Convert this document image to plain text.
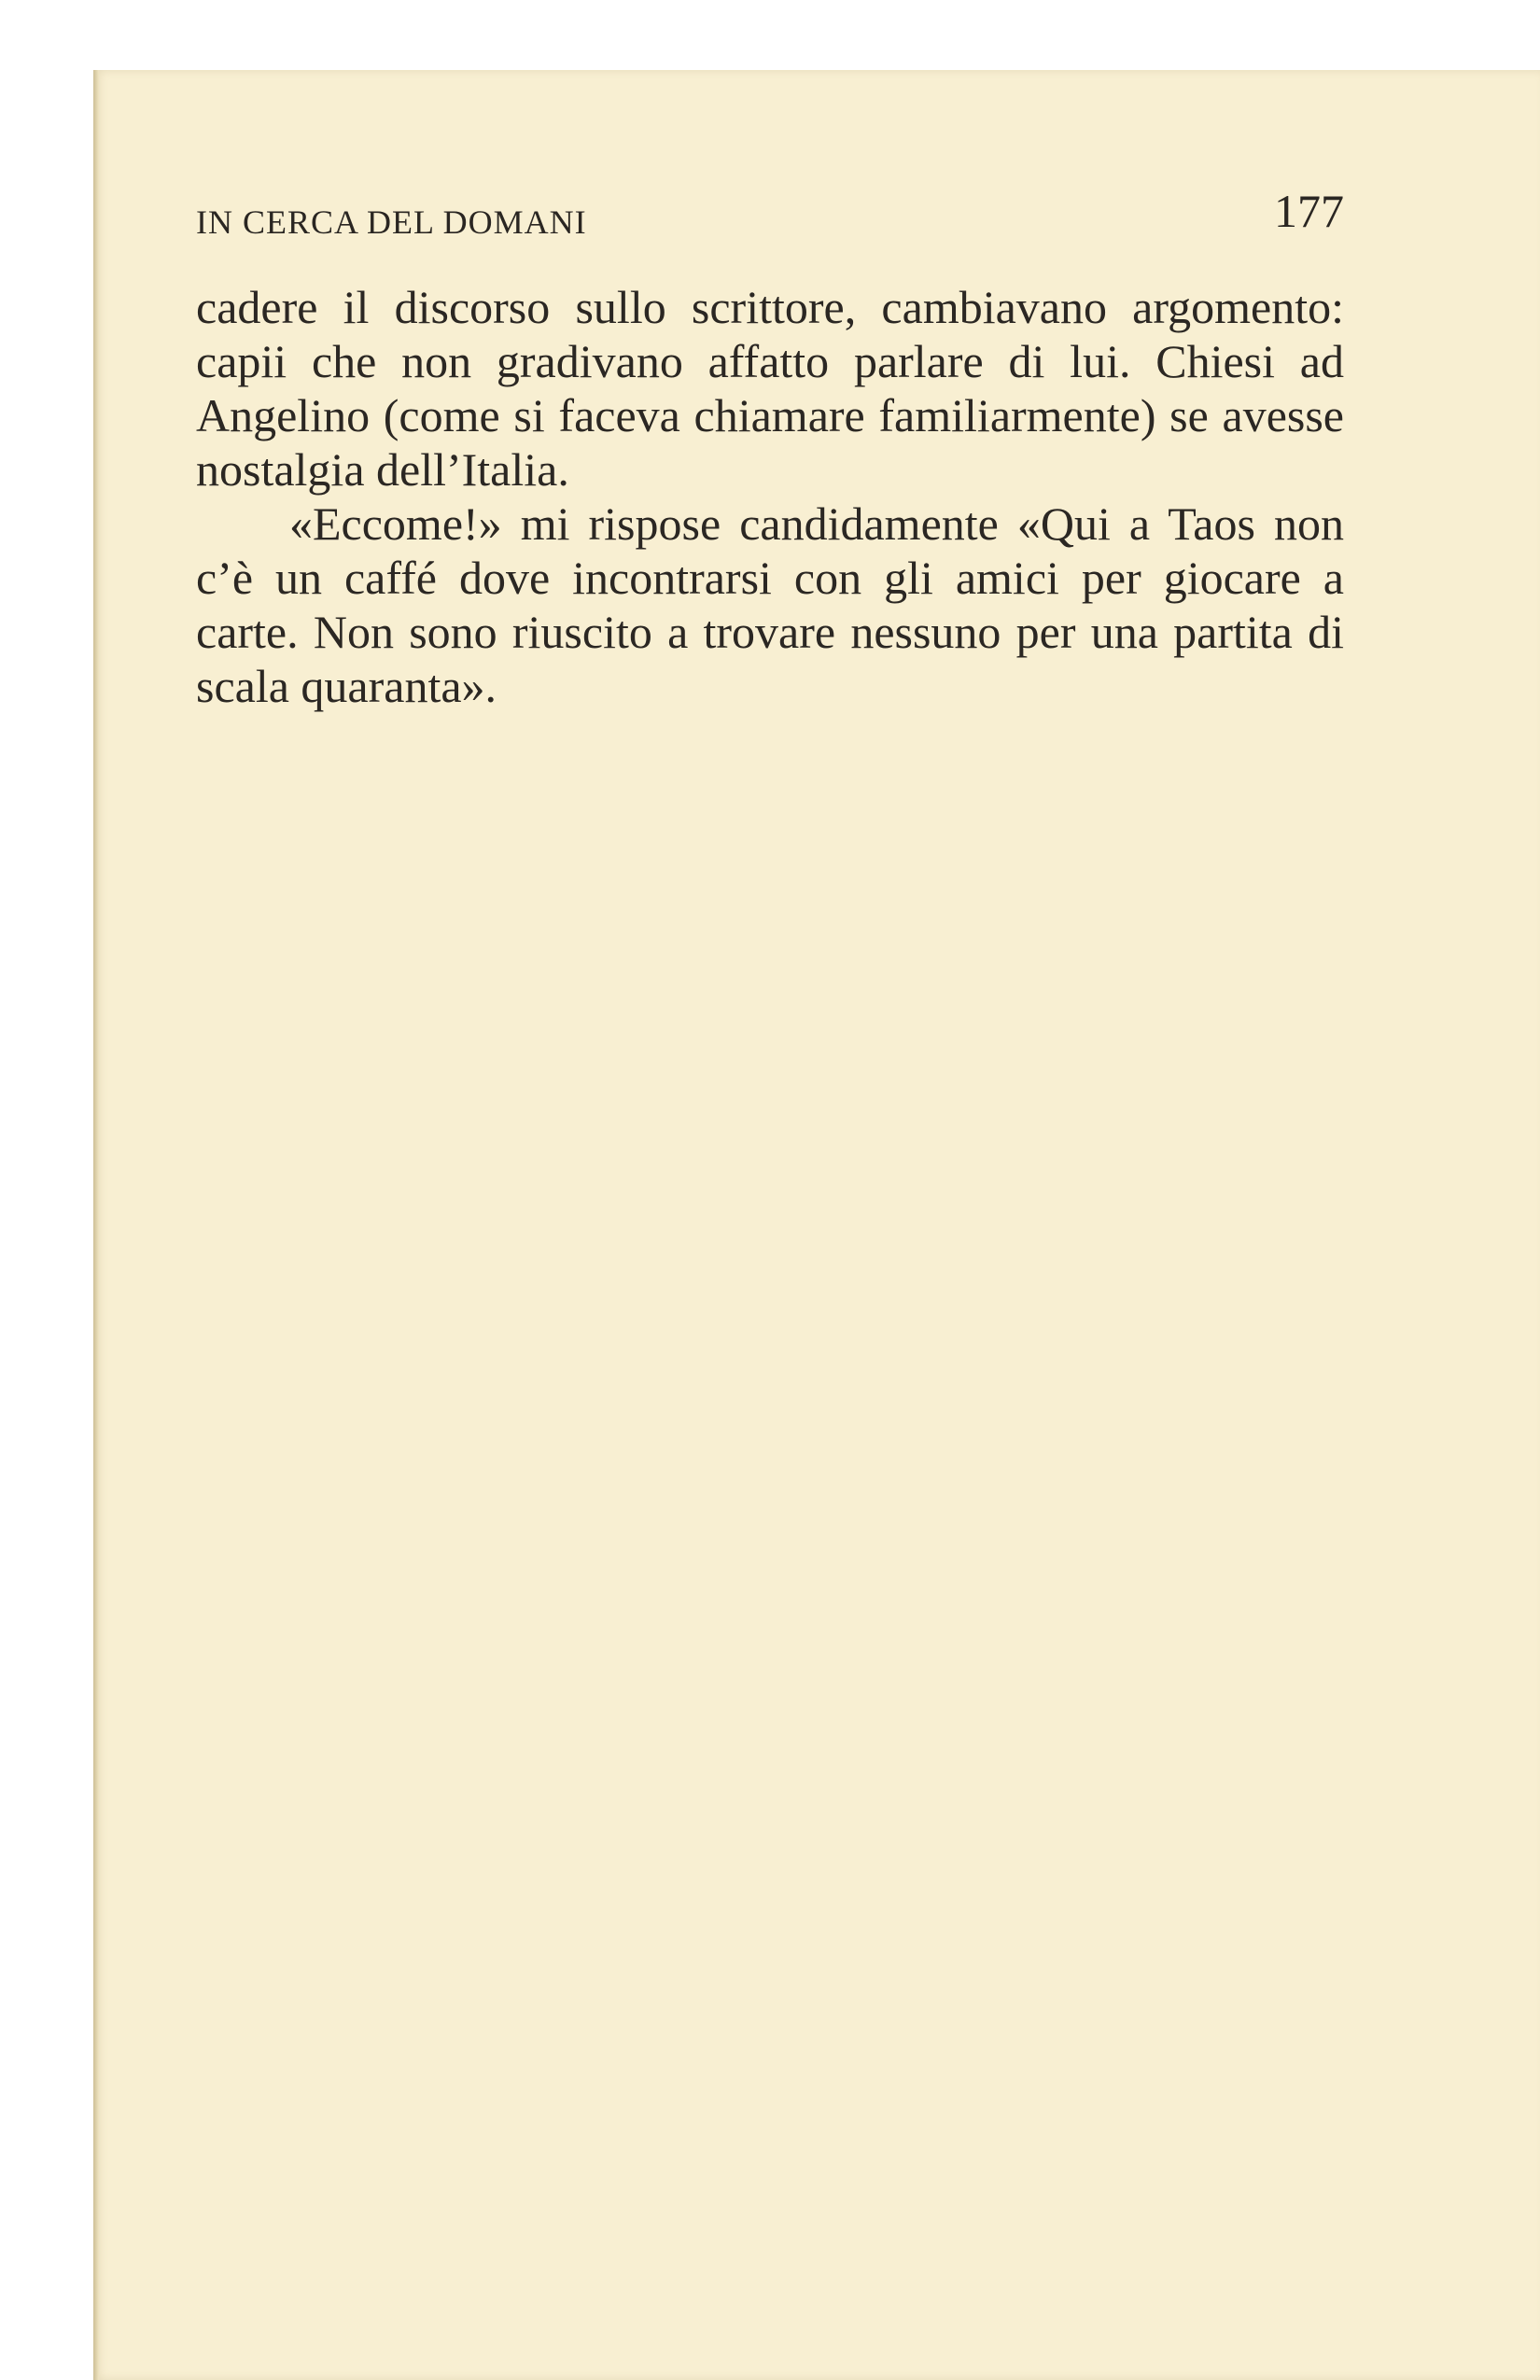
IN CERCA DEL DOMANI	177

cadere il discorso sullo scrittore, cambiavano argomento: capii che non gradivano affatto parlare di lui. Chiesi ad Angelino (come si faceva chiamare familiarmente) se avesse nostalgia dell’Italia.

«Eccome!» mi rispose candidamente «Qui a Taos non c’è un caffé dove incontrarsi con gli amici per giocare a carte. Non sono riuscito a trovare nessuno per una partita di scala quaranta».
